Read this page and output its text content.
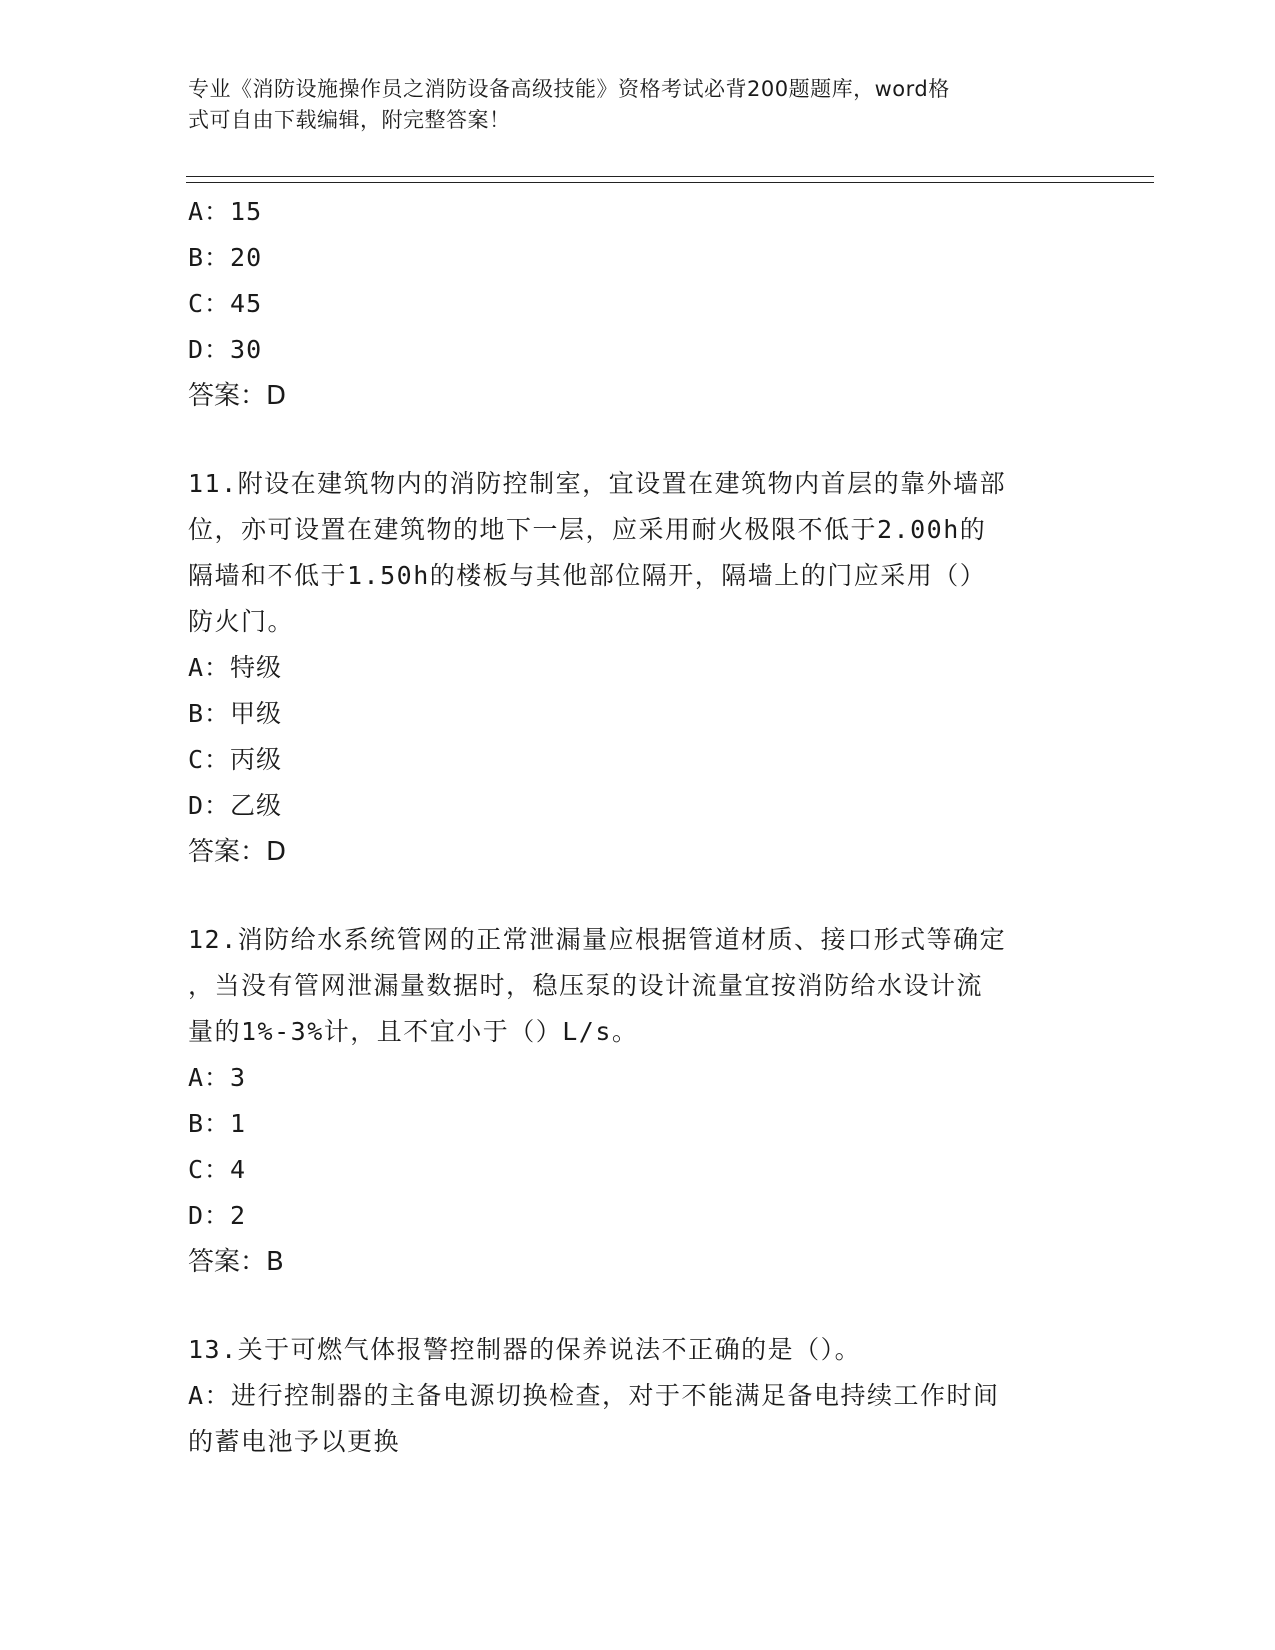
专业《消防设施操作员之消防设备高级技能》资格考试必背200题题库，word格
式可自由下载编辑，附完整答案！
A：15
B：20
C：45
D：30
答案：D
11.附设在建筑物内的消防控制室，宜设置在建筑物内首层的靠外墙部
位，亦可设置在建筑物的地下一层，应采用耐火极限不低于2.00h的
隔墙和不低于1.50h的楼板与其他部位隔开，隔墙上的门应采用（）
防火门。
A：特级
B：甲级
C：丙级
D：乙级
答案：D
12.消防给水系统管网的正常泄漏量应根据管道材质、接口形式等确定
，当没有管网泄漏量数据时，稳压泵的设计流量宜按消防给水设计流
量的1%-3%计，且不宜小于（）L/s。
A：3
B：1
C：4
D：2
答案：B
13.关于可燃气体报警控制器的保养说法不正确的是（）。
A：进行控制器的主备电源切换检查，对于不能满足备电持续工作时间
的蓄电池予以更换
